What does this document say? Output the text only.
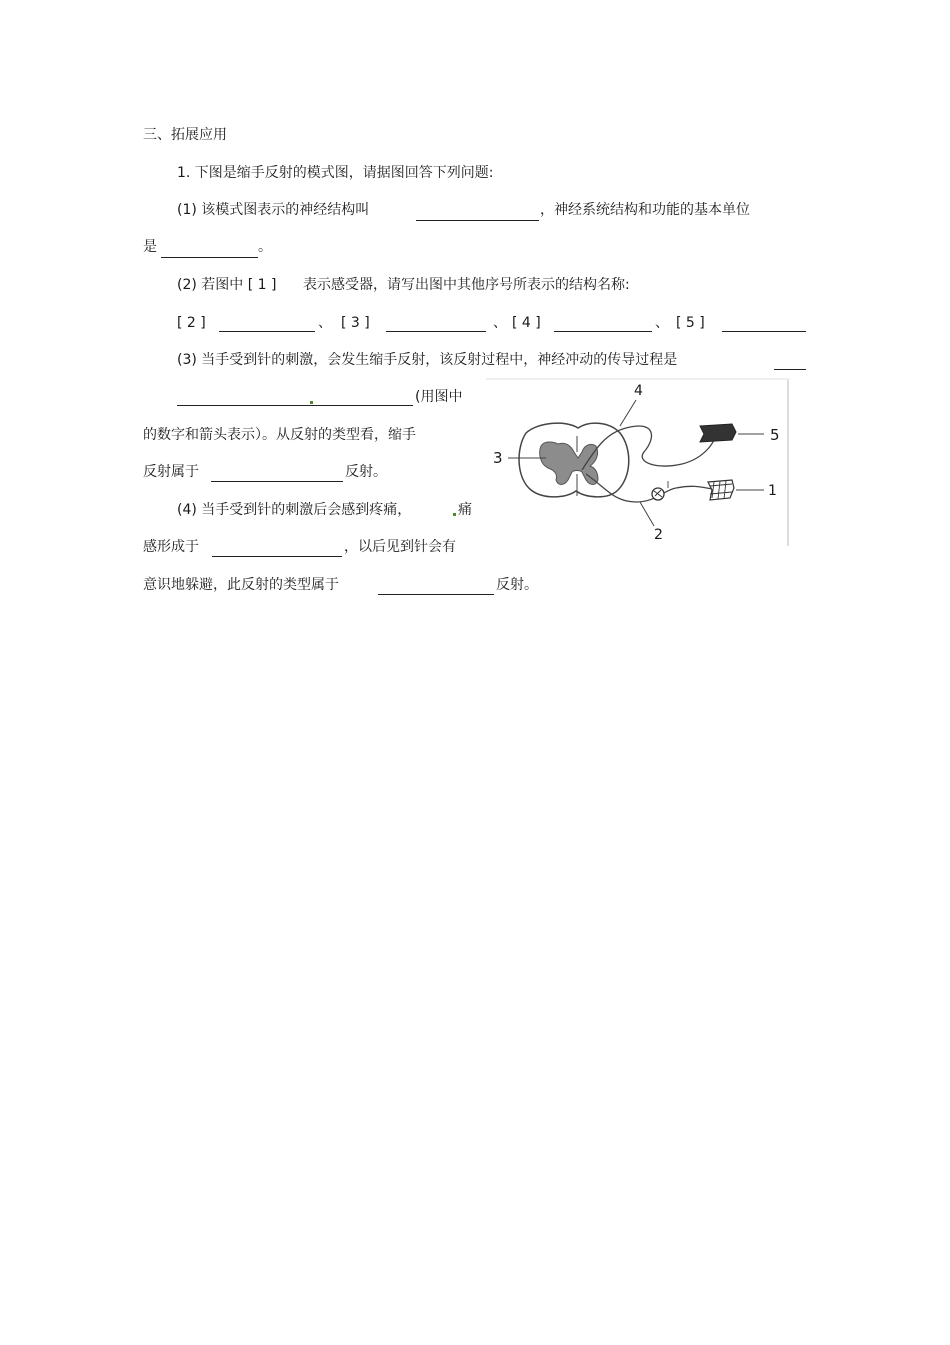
三、拓展应用
1. 下图是缩手反射的模式图，请据图回答下列问题:
(1) 该模式图表示的神经结构叫	，神经系统结构和功能的基本单位
是	。
(2) 若图中 [ 1 ] 表示感受器，请写出图中其他序号所表示的结构名称:
[ 2 ]	、 [ 3 ]	、 [ 4 ]	、 [ 5 ]
(3) 当手受到针的刺激，会发生缩手反射，该反射过程中，神经冲动的传导过程是
(用图中
的数字和箭头表示）。从反射的类型看，缩手
反射属于	反射。
(4) 当手受到针的刺激后会感到疼痛，	痛
感形成于	，以后见到针会有
意识地躲避，此反射的类型属于	反射。
3
4
5
1
2
